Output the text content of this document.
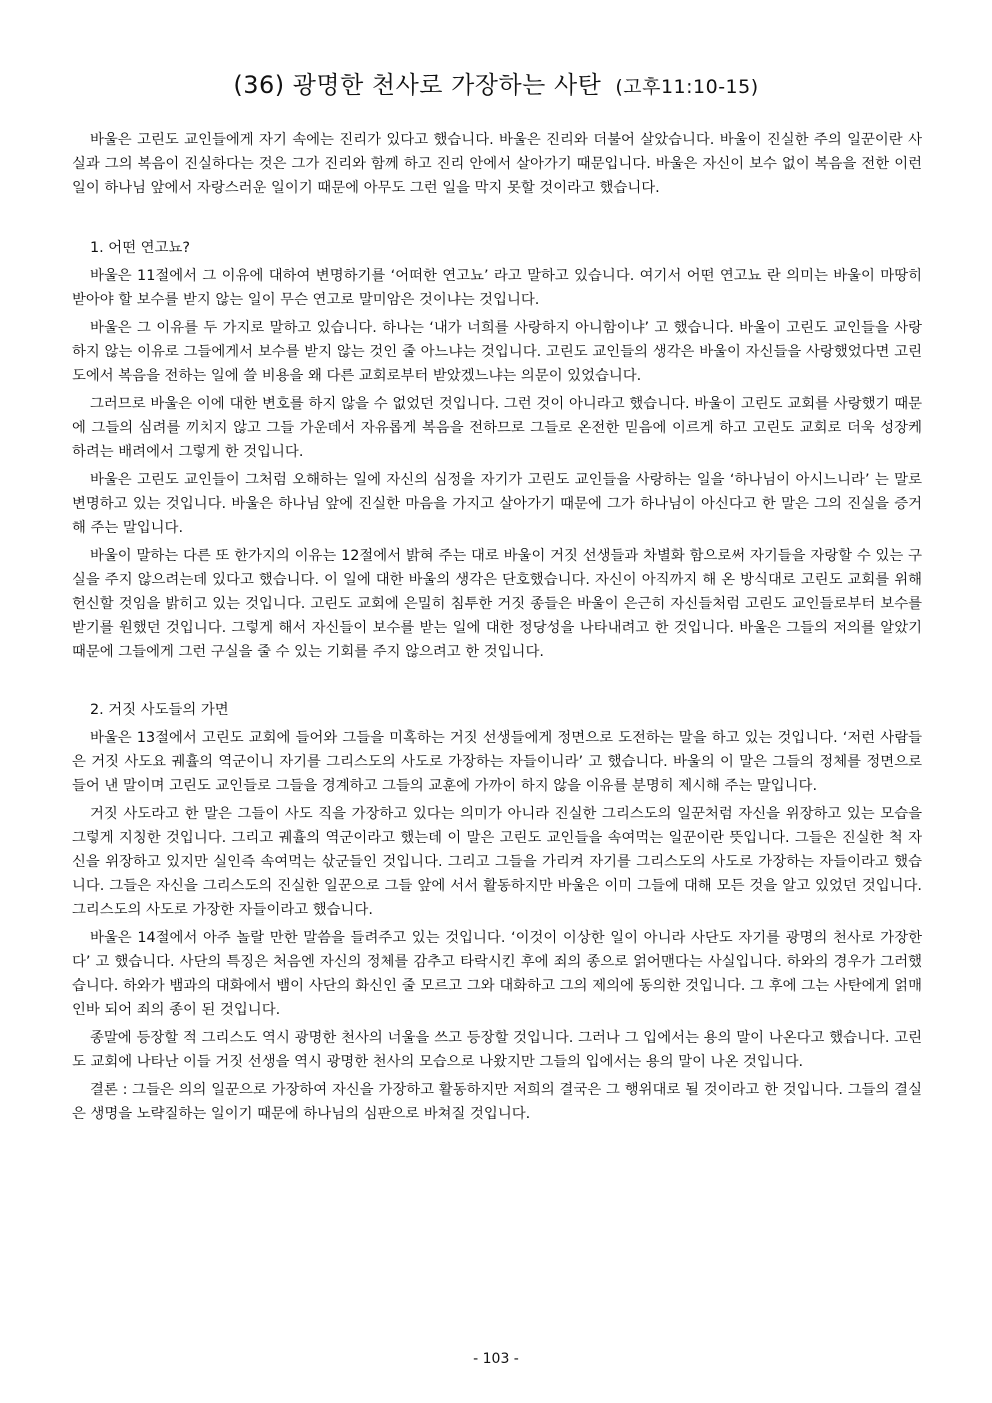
(36) 광명한 천사로 가장하는 사탄 (고후11:10-15)

바울은 고린도 교인들에게 자기 속에는 진리가 있다고 했습니다. 바울은 진리와 더불어 살았습니다. 바울이 진실한 주의 일꾼이란 사실과 그의 복음이 진실하다는 것은 그가 진리와 함께 하고 진리 안에서 살아가기 때문입니다. 바울은 자신이 보수 없이 복음을 전한 이런 일이 하나님 앞에서 자랑스러운 일이기 때문에 아무도 그런 일을 막지 못할 것이라고 했습니다.

1. 어떤 연고뇨?

바울은 11절에서 그 이유에 대하여 변명하기를 ‘어떠한 연고뇨’ 라고 말하고 있습니다. 여기서 어떤 연고뇨 란 의미는 바울이 마땅히 받아야 할 보수를 받지 않는 일이 무슨 연고로 말미암은 것이냐는 것입니다.

바울은 그 이유를 두 가지로 말하고 있습니다. 하나는 ‘내가 너희를 사랑하지 아니함이냐’ 고 했습니다. 바울이 고린도 교인들을 사랑하지 않는 이유로 그들에게서 보수를 받지 않는 것인 줄 아느냐는 것입니다. 고린도 교인들의 생각은 바울이 자신들을 사랑했었다면 고린도에서 복음을 전하는 일에 쓸 비용을 왜 다른 교회로부터 받았겠느냐는 의문이 있었습니다.

그러므로 바울은 이에 대한 변호를 하지 않을 수 없었던 것입니다. 그런 것이 아니라고 했습니다. 바울이 고린도 교회를 사랑했기 때문에 그들의 심려를 끼치지 않고 그들 가운데서 자유롭게 복음을 전하므로 그들로 온전한 믿음에 이르게 하고 고린도 교회로 더욱 성장케 하려는 배려에서 그렇게 한 것입니다.

바울은 고린도 교인들이 그처럼 오해하는 일에 자신의 심정을 자기가 고린도 교인들을 사랑하는 일을 ‘하나님이 아시느니라’ 는 말로 변명하고 있는 것입니다. 바울은 하나님 앞에 진실한 마음을 가지고 살아가기 때문에 그가 하나님이 아신다고 한 말은 그의 진실을 증거 해 주는 말입니다.

바울이 말하는 다른 또 한가지의 이유는 12절에서 밝혀 주는 대로 바울이 거짓 선생들과 차별화 함으로써 자기들을 자랑할 수 있는 구실을 주지 않으려는데 있다고 했습니다. 이 일에 대한 바울의 생각은 단호했습니다. 자신이 아직까지 해 온 방식대로 고린도 교회를 위해 헌신할 것임을 밝히고 있는 것입니다. 고린도 교회에 은밀히 침투한 거짓 종들은 바울이 은근히 자신들처럼 고린도 교인들로부터 보수를 받기를 원했던 것입니다. 그렇게 해서 자신들이 보수를 받는 일에 대한 정당성을 나타내려고 한 것입니다. 바울은 그들의 저의를 알았기 때문에 그들에게 그런 구실을 줄 수 있는 기회를 주지 않으려고 한 것입니다.

2. 거짓 사도들의 가면

바울은 13절에서 고린도 교회에 들어와 그들을 미혹하는 거짓 선생들에게 정면으로 도전하는 말을 하고 있는 것입니다. ‘저런 사람들은 거짓 사도요 궤휼의 역군이니 자기를 그리스도의 사도로 가장하는 자들이니라’ 고 했습니다. 바울의 이 말은 그들의 정체를 정면으로 들어 낸 말이며 고린도 교인들로 그들을 경계하고 그들의 교훈에 가까이 하지 않을 이유를 분명히 제시해 주는 말입니다.

거짓 사도라고 한 말은 그들이 사도 직을 가장하고 있다는 의미가 아니라 진실한 그리스도의 일꾼처럼 자신을 위장하고 있는 모습을 그렇게 지칭한 것입니다. 그리고 궤휼의 역군이라고 했는데 이 말은 고린도 교인들을 속여먹는 일꾼이란 뜻입니다. 그들은 진실한 척 자신을 위장하고 있지만 실인즉 속여먹는 삯군들인 것입니다. 그리고 그들을 가리켜 자기를 그리스도의 사도로 가장하는 자들이라고 했습니다. 그들은 자신을 그리스도의 진실한 일꾼으로 그들 앞에 서서 활동하지만 바울은 이미 그들에 대해 모든 것을 알고 있었던 것입니다. 그리스도의 사도로 가장한 자들이라고 했습니다.

바울은 14절에서 아주 놀랄 만한 말씀을 들려주고 있는 것입니다. ‘이것이 이상한 일이 아니라 사단도 자기를 광명의 천사로 가장한다’ 고 했습니다. 사단의 특징은 처음엔 자신의 정체를 감추고 타락시킨 후에 죄의 종으로 얽어맨다는 사실입니다. 하와의 경우가 그러했습니다. 하와가 뱀과의 대화에서 뱀이 사단의 화신인 줄 모르고 그와 대화하고 그의 제의에 동의한 것입니다. 그 후에 그는 사탄에게 얽매인바 되어 죄의 종이 된 것입니다.

종말에 등장할 적 그리스도 역시 광명한 천사의 너울을 쓰고 등장할 것입니다. 그러나 그 입에서는 용의 말이 나온다고 했습니다. 고린도 교회에 나타난 이들 거짓 선생을 역시 광명한 천사의 모습으로 나왔지만 그들의 입에서는 용의 말이 나온 것입니다.

결론 : 그들은 의의 일꾼으로 가장하여 자신을 가장하고 활동하지만 저희의 결국은 그 행위대로 될 것이라고 한 것입니다. 그들의 결실은 생명을 노략질하는 일이기 때문에 하나님의 심판으로 바쳐질 것입니다.

- 103 -
